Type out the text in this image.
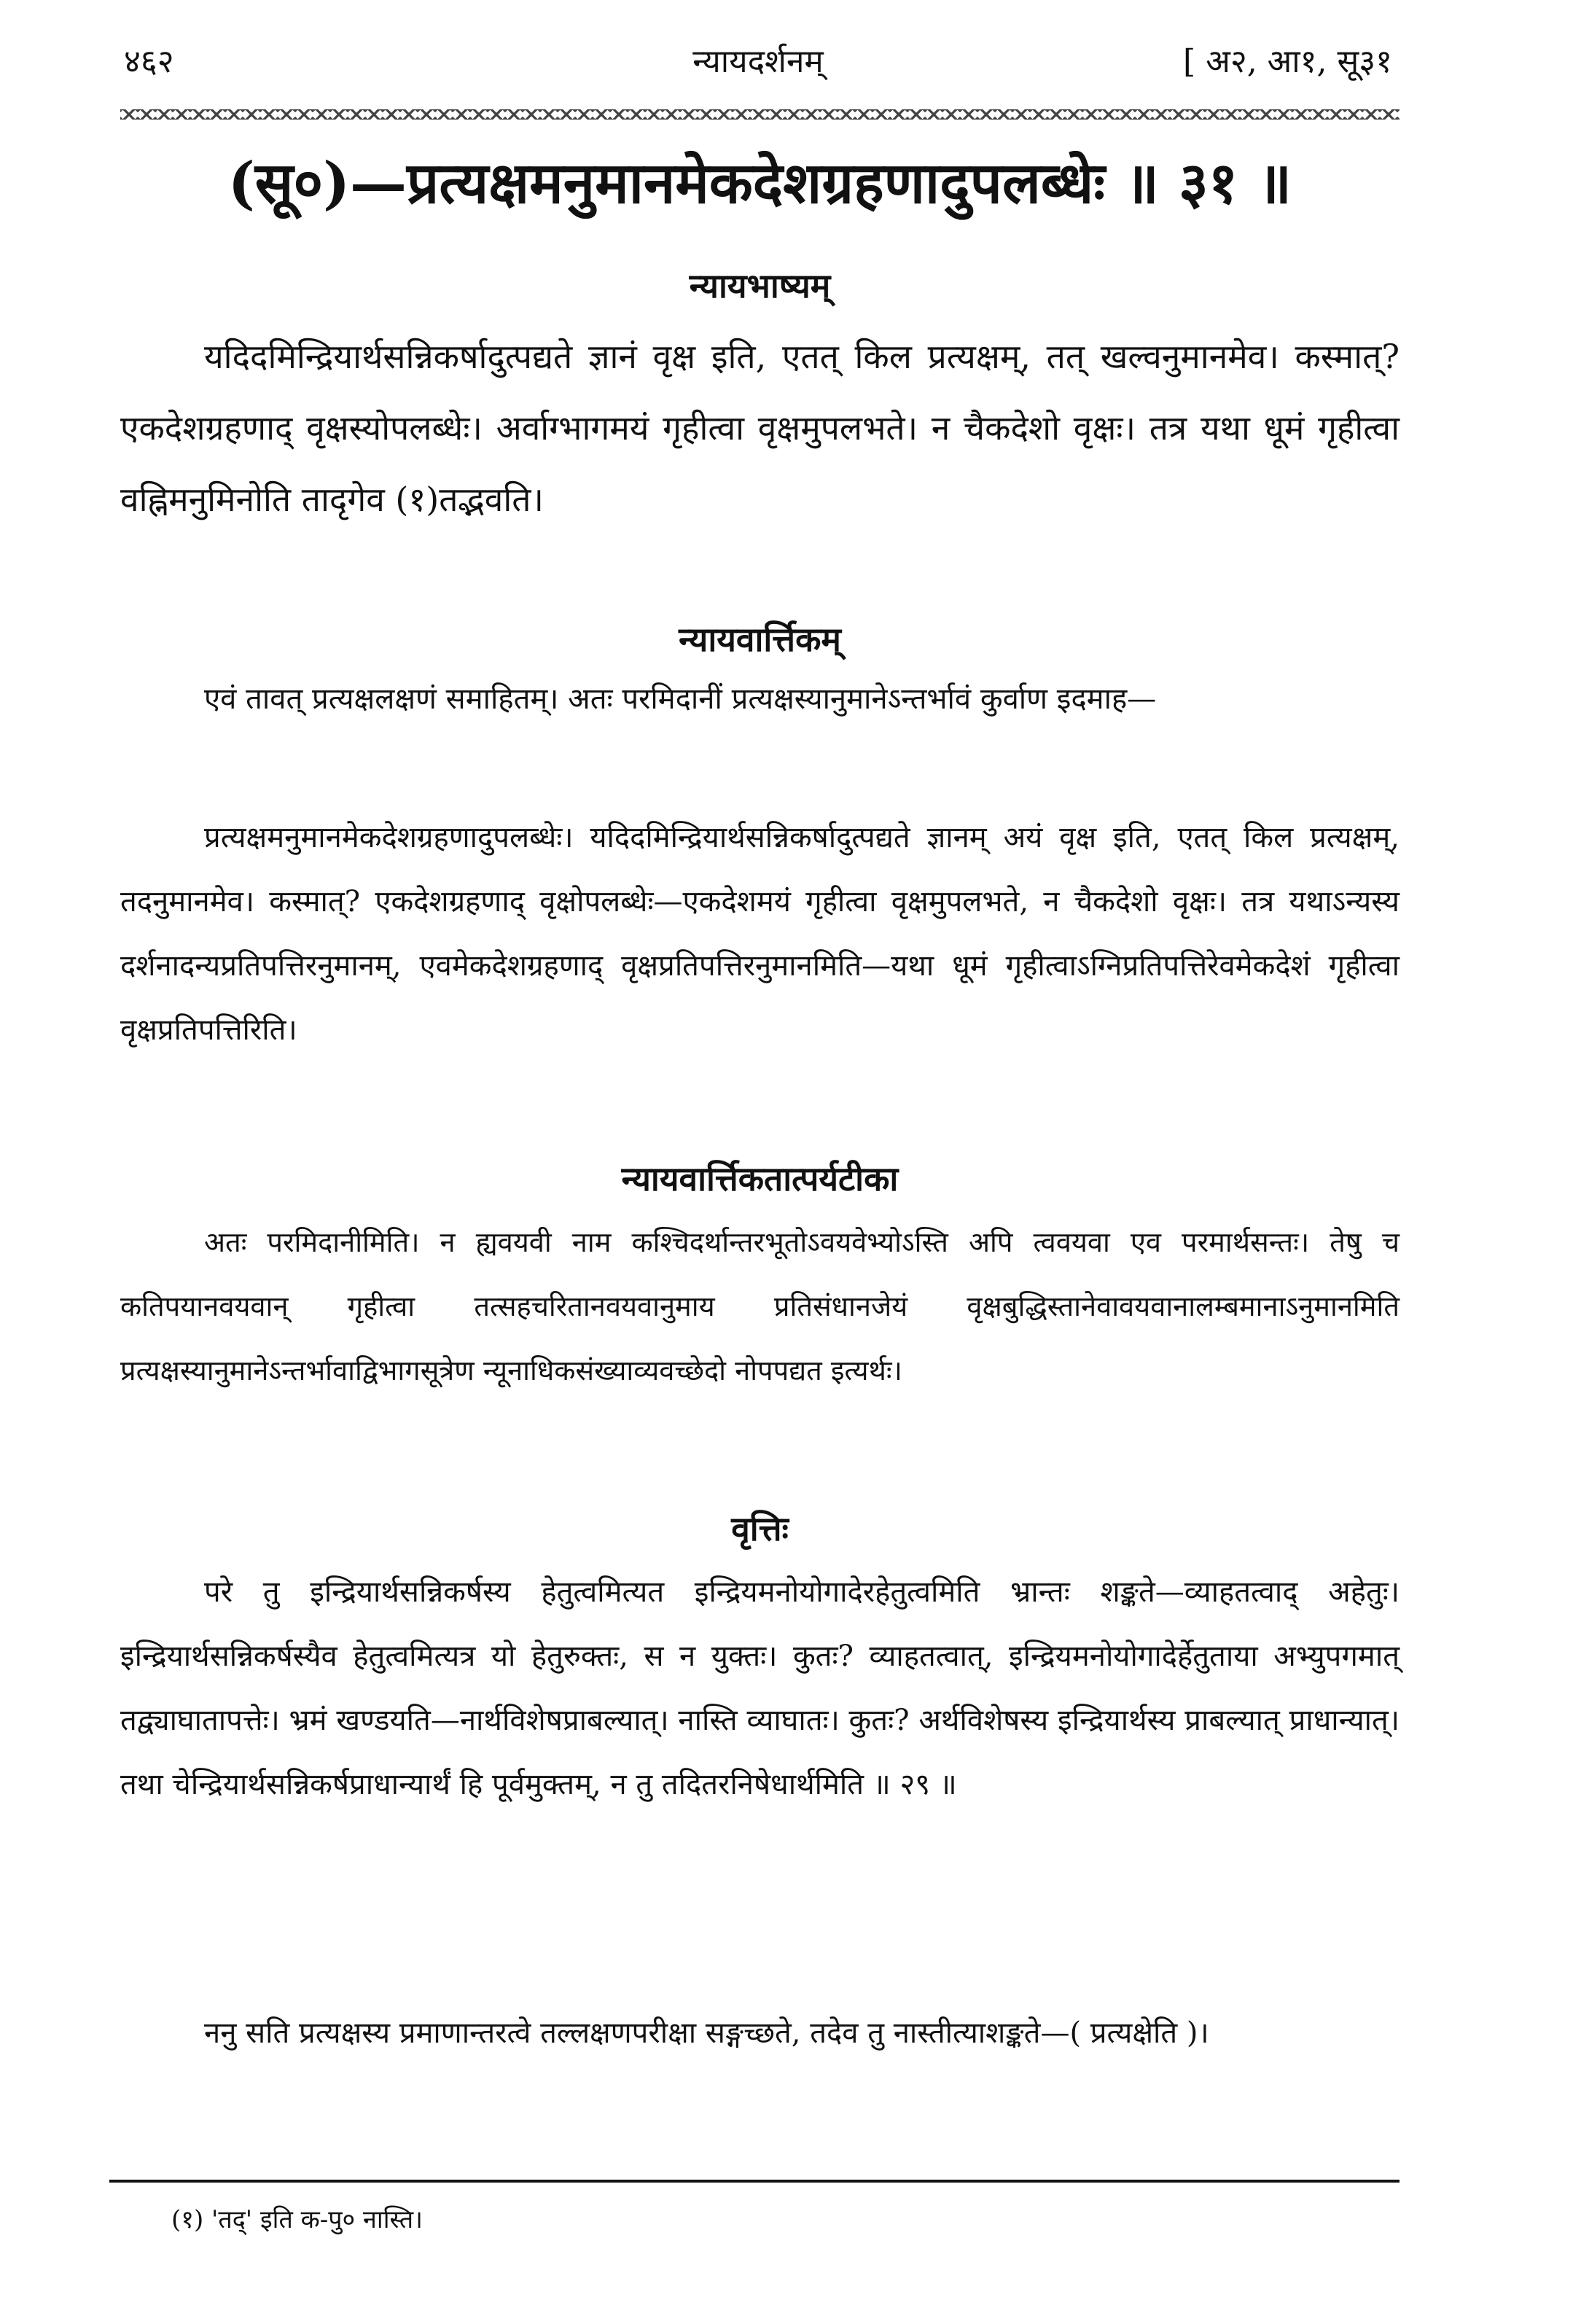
४६२	न्यायदर्शनम्	[ अ२, आ१, सू३१
(सू०)—प्रत्यक्षमनुमानमेकदेशग्रहणादुपलब्धेः ॥ ३१ ॥
न्यायभाष्यम्

यदिदमिन्द्रियार्थसन्निकर्षादुत्पद्यते ज्ञानं वृक्ष इति, एतत् किल प्रत्यक्षम्, तत् खल्वनुमानमेव। कस्मात्? एकदेशग्रहणाद् वृक्षस्योपलब्धेः। अर्वाग्भागमयं गृहीत्वा वृक्षमुपलभते। न चैकदेशो वृक्षः। तत्र यथा धूमं गृहीत्वा वह्निमनुमिनोति तादृगेव (१)तद्भवति।

न्यायवार्त्तिकम्

एवं तावत् प्रत्यक्षलक्षणं समाहितम्। अतः परमिदानीं प्रत्यक्षस्यानुमानेऽन्तर्भावं कुर्वाण इदमाह—

प्रत्यक्षमनुमानमेकदेशग्रहणादुपलब्धेः। यदिदमिन्द्रियार्थसन्निकर्षादुत्पद्यते ज्ञानम् अयं वृक्ष इति, एतत् किल प्रत्यक्षम्, तदनुमानमेव। कस्मात्? एकदेशग्रहणाद् वृक्षोपलब्धेः—एकदेशमयं गृहीत्वा वृक्षमुपलभते, न चैकदेशो वृक्षः। तत्र यथाऽन्यस्य दर्शनादन्यप्रतिपत्तिरनुमानम्, एवमेकदेशग्रहणाद् वृक्षप्रतिपत्तिरनुमानमिति—यथा धूमं गृहीत्वाऽग्निप्रतिपत्तिरेवमेकदेशं गृहीत्वा वृक्षप्रतिपत्तिरिति।

न्यायवार्त्तिकतात्पर्यटीका

अतः परमिदानीमिति। न ह्यवयवी नाम कश्चिदर्थान्तरभूतोऽवयवेभ्योऽस्ति अपि त्ववयवा एव परमार्थसन्तः। तेषु च कतिपयानवयवान् गृहीत्वा तत्सहचरितानवयवानुमाय प्रतिसंधानजेयं वृक्षबुद्धिस्तानेवावयवानालम्बमानाऽनुमानमिति प्रत्यक्षस्यानुमानेऽन्तर्भावाद्विभागसूत्रेण न्यूनाधिकसंख्याव्यवच्छेदो नोपपद्यत इत्यर्थः।

वृत्तिः

परे तु इन्द्रियार्थसन्निकर्षस्य हेतुत्वमित्यत इन्द्रियमनोयोगादेरहेतुत्वमिति भ्रान्तः शङ्कते—व्याहतत्वाद् अहेतुः। इन्द्रियार्थसन्निकर्षस्यैव हेतुत्वमित्यत्र यो हेतुरुक्तः, स न युक्तः। कुतः? व्याहतत्वात्, इन्द्रियमनोयोगादेर्हेतुताया अभ्युपगमात् तद्व्याघातापत्तेः। भ्रमं खण्डयति—नार्थविशेषप्राबल्यात्। नास्ति व्याघातः। कुतः? अर्थविशेषस्य इन्द्रियार्थस्य प्राबल्यात् प्राधान्यात्। तथा चेन्द्रियार्थसन्निकर्षप्राधान्यार्थं हि पूर्वमुक्तम्, न तु तदितरनिषेधार्थमिति ॥ २९ ॥

ननु सति प्रत्यक्षस्य प्रमाणान्तरत्वे तल्लक्षणपरीक्षा सङ्गच्छते, तदेव तु नास्तीत्याशङ्कते—( प्रत्यक्षेति )।

(१) 'तद्' इति क-पु० नास्ति।
